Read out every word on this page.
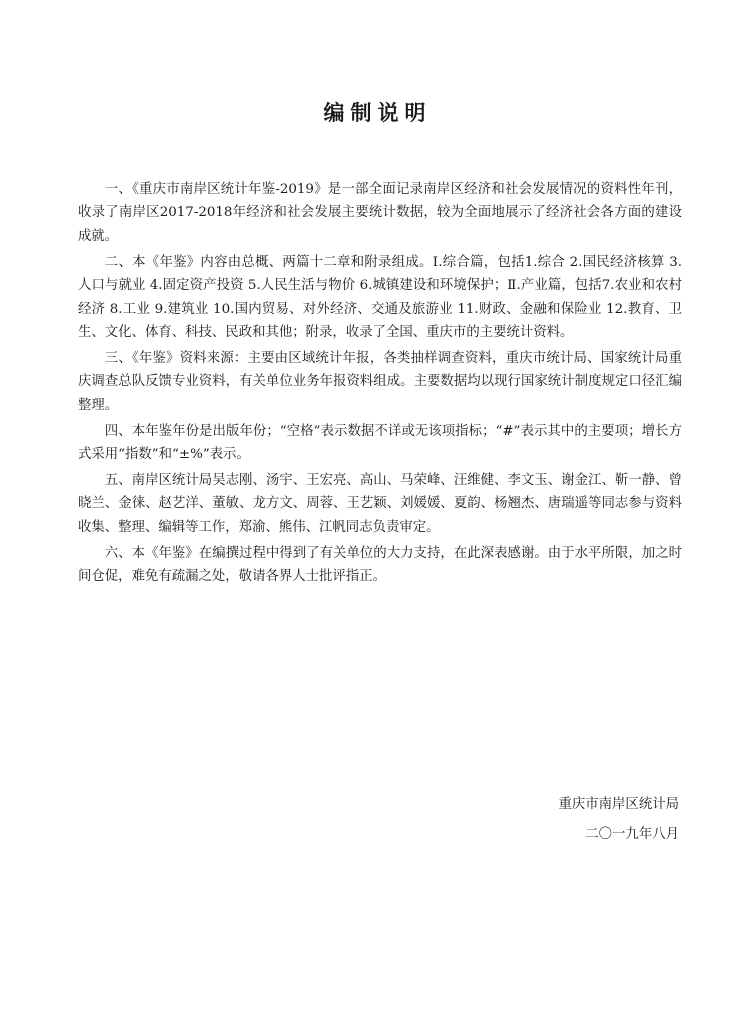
编制说明

一、《重庆市南岸区统计年鉴-2019》是一部全面记录南岸区经济和社会发展情况的资料性年刊，收录了南岸区2017-2018年经济和社会发展主要统计数据，较为全面地展示了经济社会各方面的建设成就。

二、本《年鉴》内容由总概、两篇十二章和附录组成。Ⅰ.综合篇，包括1.综合 2.国民经济核算 3.人口与就业 4.固定资产投资 5.人民生活与物价 6.城镇建设和环境保护；Ⅱ.产业篇，包括7.农业和农村经济 8.工业 9.建筑业 10.国内贸易、对外经济、交通及旅游业 11.财政、金融和保险业 12.教育、卫生、文化、体育、科技、民政和其他；附录，收录了全国、重庆市的主要统计资料。

三、《年鉴》资料来源：主要由区域统计年报，各类抽样调查资料，重庆市统计局、国家统计局重庆调查总队反馈专业资料，有关单位业务年报资料组成。主要数据均以现行国家统计制度规定口径汇编整理。

四、本年鉴年份是出版年份；“空格”表示数据不详或无该项指标；“#”表示其中的主要项；增长方式采用“指数”和“±%”表示。

五、南岸区统计局吴志刚、汤宇、王宏亮、高山、马荣峰、汪维健、李文玉、谢金江、靳一静、曾晓兰、金徕、赵艺洋、董敏、龙方文、周蓉、王艺颖、刘媛媛、夏韵、杨翘杰、唐瑞遥等同志参与资料收集、整理、编辑等工作，郑渝、熊伟、江帆同志负责审定。

六、本《年鉴》在编撰过程中得到了有关单位的大力支持，在此深表感谢。由于水平所限，加之时间仓促，难免有疏漏之处，敬请各界人士批评指正。

重庆市南岸区统计局
二〇一九年八月
